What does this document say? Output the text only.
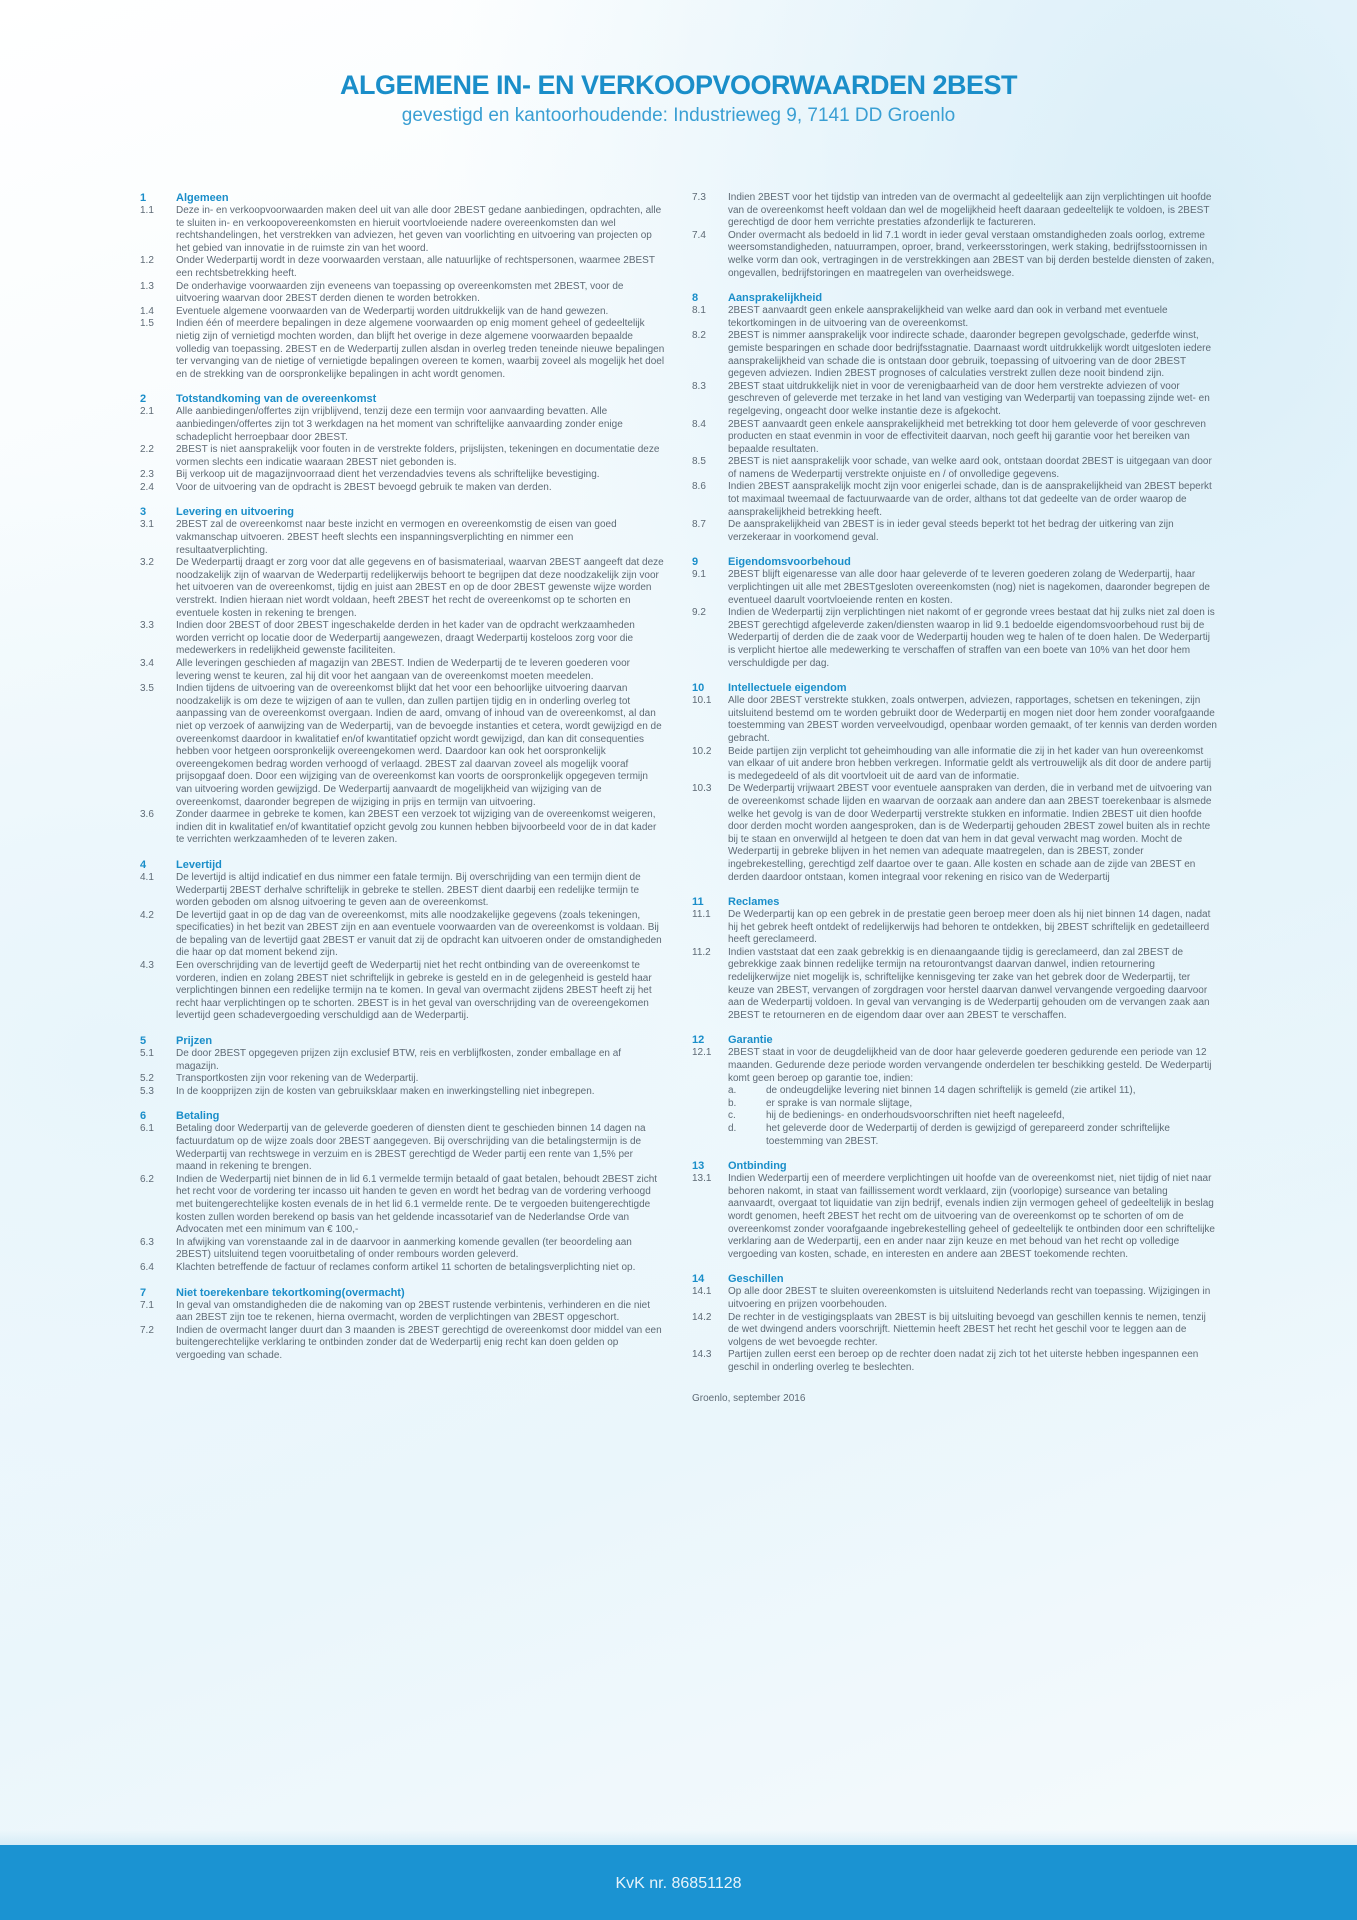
ALGEMENE IN- EN VERKOOPVOORWAARDEN 2BEST

gevestigd en kantoorhoudende: Industrieweg 9, 7141 DD Groenlo

1	Algemeen
1.1	Deze in- en verkoopvoorwaarden maken deel uit van alle door 2BEST gedane aanbiedingen, opdrachten, alle te sluiten in- en verkoopovereenkomsten en hieruit voortvloeiende nadere overeenkomsten dan wel rechtshandelingen, het verstrekken van adviezen, het geven van voorlichting en uitvoering van projecten op het gebied van innovatie in de ruimste zin van het woord.
1.2	Onder Wederpartij wordt in deze voorwaarden verstaan, alle natuurlijke of rechtspersonen, waarmee 2BEST een rechtsbetrekking heeft.
1.3	De onderhavige voorwaarden zijn eveneens van toepassing op overeenkomsten met 2BEST, voor de uitvoering waarvan door 2BEST derden dienen te worden betrokken.
1.4	Eventuele algemene voorwaarden van de Wederpartij worden uitdrukkelijk van de hand gewezen.
1.5	Indien één of meerdere bepalingen in deze algemene voorwaarden op enig moment geheel of gedeeltelijk nietig zijn of vernietigd mochten worden, dan blijft het overige in deze algemene voorwaarden bepaalde volledig van toepassing. 2BEST en de Wederpartij zullen alsdan in overleg treden teneinde nieuwe bepalingen ter vervanging van de nietige of vernietigde bepalingen overeen te komen, waarbij zoveel als mogelijk het doel en de strekking van de oorspronkelijke bepalingen in acht wordt genomen.
2	Totstandkoming van de overeenkomst
2.1	Alle aanbiedingen/offertes zijn vrijblijvend, tenzij deze een termijn voor aanvaarding bevatten. Alle aanbiedingen/offertes zijn tot 3 werkdagen na het moment van schriftelijke aanvaarding zonder enige schadeplicht herroepbaar door 2BEST.
2.2	2BEST is niet aansprakelijk voor fouten in de verstrekte folders, prijslijsten, tekeningen en documentatie deze vormen slechts een indicatie waaraan 2BEST niet gebonden is.
2.3	Bij verkoop uit de magazijnvoorraad dient het verzendadvies tevens als schriftelijke bevestiging.
2.4	Voor de uitvoering van de opdracht is 2BEST bevoegd gebruik te maken van derden.
3	Levering en uitvoering
3.1	2BEST zal de overeenkomst naar beste inzicht en vermogen en overeenkomstig de eisen van goed vakmanschap uitvoeren. 2BEST heeft slechts een inspanningsverplichting en nimmer een resultaatverplichting.
3.2	De Wederpartij draagt er zorg voor dat alle gegevens en of basismateriaal, waarvan 2BEST aangeeft dat deze noodzakelijk zijn of waarvan de Wederpartij redelijkerwijs behoort te begrijpen dat deze noodzakelijk zijn voor het uitvoeren van de overeenkomst, tijdig en juist aan 2BEST en op de door 2BEST gewenste wijze worden verstrekt. Indien hieraan niet wordt voldaan, heeft 2BEST het recht de overeenkomst op te schorten en eventuele kosten in rekening te brengen.
3.3	Indien door 2BEST of door 2BEST ingeschakelde derden in het kader van de opdracht werkzaamheden worden verricht op locatie door de Wederpartij aangewezen, draagt Wederpartij kosteloos zorg voor die medewerkers in redelijkheid gewenste faciliteiten.
3.4	Alle leveringen geschieden af magazijn van 2BEST. Indien de Wederpartij de te leveren goederen voor levering wenst te keuren, zal hij dit voor het aangaan van de overeenkomst moeten meedelen.
3.5	Indien tijdens de uitvoering van de overeenkomst blijkt dat het voor een behoorlijke uitvoering daarvan noodzakelijk is om deze te wijzigen of aan te vullen, dan zullen partijen tijdig en in onderling overleg tot aanpassing van de overeenkomst overgaan. Indien de aard, omvang of inhoud van de overeenkomst, al dan niet op verzoek of aanwijzing van de Wederpartij, van de bevoegde instanties et cetera, wordt gewijzigd en de overeenkomst daardoor in kwalitatief en/of kwantitatief opzicht wordt gewijzigd, dan kan dit consequenties hebben voor hetgeen oorspronkelijk overeengekomen werd. Daardoor kan ook het oorspronkelijk overeengekomen bedrag worden verhoogd of verlaagd. 2BEST zal daarvan zoveel als mogelijk vooraf prijsopgaaf doen. Door een wijziging van de overeenkomst kan voorts de oorspronkelijk opgegeven termijn van uitvoering worden gewijzigd. De Wederpartij aanvaardt de mogelijkheid van wijziging van de overeenkomst, daaronder begrepen de wijziging in prijs en termijn van uitvoering.
3.6	Zonder daarmee in gebreke te komen, kan 2BEST een verzoek tot wijziging van de overeenkomst weigeren, indien dit in kwalitatief en/of kwantitatief opzicht gevolg zou kunnen hebben bijvoorbeeld voor de in dat kader te verrichten werkzaamheden of te leveren zaken.
4	Levertijd
4.1	De levertijd is altijd indicatief en dus nimmer een fatale termijn. Bij overschrijding van een termijn dient de Wederpartij 2BEST derhalve schriftelijk in gebreke te stellen. 2BEST dient daarbij een redelijke termijn te worden geboden om alsnog uitvoering te geven aan de overeenkomst.
4.2	De levertijd gaat in op de dag van de overeenkomst, mits alle noodzakelijke gegevens (zoals tekeningen, specificaties) in het bezit van 2BEST zijn en aan eventuele voorwaarden van de overeenkomst is voldaan. Bij de bepaling van de levertijd gaat 2BEST er vanuit dat zij de opdracht kan uitvoeren onder de omstandigheden die haar op dat moment bekend zijn.
4.3	Een overschrijding van de levertijd geeft de Wederpartij niet het recht ontbinding van de overeenkomst te vorderen, indien en zolang 2BEST niet schriftelijk in gebreke is gesteld en in de gelegenheid is gesteld haar verplichtingen binnen een redelijke termijn na te komen. In geval van overmacht zijdens 2BEST heeft zij het recht haar verplichtingen op te schorten. 2BEST is in het geval van overschrijding van de overeengekomen levertijd geen schadevergoeding verschuldigd aan de Wederpartij.
5	Prijzen
5.1	De door 2BEST opgegeven prijzen zijn exclusief BTW, reis en verblijfkosten, zonder emballage en af magazijn.
5.2	Transportkosten zijn voor rekening van de Wederpartij.
5.3	In de koopprijzen zijn de kosten van gebruiksklaar maken en inwerkingstelling niet inbegrepen.
6	Betaling
6.1	Betaling door Wederpartij van de geleverde goederen of diensten dient te geschieden binnen 14 dagen na factuurdatum op de wijze zoals door 2BEST aangegeven. Bij overschrijding van die betalingstermijn is de Wederpartij van rechtswege in verzuim en is 2BEST gerechtigd de Weder partij een rente van 1,5% per maand in rekening te brengen.
6.2	Indien de Wederpartij niet binnen de in lid 6.1 vermelde termijn betaald of gaat betalen, behoudt 2BEST zicht het recht voor de vordering ter incasso uit handen te geven en wordt het bedrag van de vordering verhoogd met buitengerechtelijke kosten evenals de in het lid 6.1 vermelde rente. De te vergoeden buitengerechtigde kosten zullen worden berekend op basis van het geldende incassotarief van de Nederlandse Orde van Advocaten met een minimum van € 100,-
6.3	In afwijking van vorenstaande zal in de daarvoor in aanmerking komende gevallen (ter beoordeling aan 2BEST) uitsluitend tegen vooruitbetaling of onder rembours worden geleverd.
6.4	Klachten betreffende de factuur of reclames conform artikel 11 schorten de betalingsverplichting niet op.
7	Niet toerekenbare tekortkoming(overmacht)
7.1	In geval van omstandigheden die de nakoming van op 2BEST rustende verbintenis, verhinderen en die niet aan 2BEST zijn toe te rekenen, hierna overmacht, worden de verplichtingen van 2BEST opgeschort.
7.2	Indien de overmacht langer duurt dan 3 maanden is 2BEST gerechtigd de overeenkomst door middel van een buitengerechtelijke verklaring te ontbinden zonder dat de Wederpartij enig recht kan doen gelden op vergoeding van schade.
7.3	Indien 2BEST voor het tijdstip van intreden van de overmacht al gedeeltelijk aan zijn verplichtingen uit hoofde van de overeenkomst heeft voldaan dan wel de mogelijkheid heeft daaraan gedeeltelijk te voldoen, is 2BEST gerechtigd de door hem verrichte prestaties afzonderlijk te factureren.
7.4	Onder overmacht als bedoeld in lid 7.1 wordt in ieder geval verstaan omstandigheden zoals oorlog, extreme weersomstandigheden, natuurrampen, oproer, brand, verkeersstoringen, werk staking, bedrijfsstoornissen in welke vorm dan ook, vertragingen in de verstrekkingen aan 2BEST van bij derden bestelde diensten of zaken, ongevallen, bedrijfstoringen en maatregelen van overheidswege.
8	Aansprakelijkheid
8.1	2BEST aanvaardt geen enkele aansprakelijkheid van welke aard dan ook in verband met eventuele tekortkomingen in de uitvoering van de overeenkomst.
8.2	2BEST is nimmer aansprakelijk voor indirecte schade, daaronder begrepen gevolgschade, gederfde winst, gemiste besparingen en schade door bedrijfsstagnatie. Daarnaast wordt uitdrukkelijk wordt uitgesloten iedere aansprakelijkheid van schade die is ontstaan door gebruik, toepassing of uitvoering van de door 2BEST gegeven adviezen. Indien 2BEST prognoses of calculaties verstrekt zullen deze nooit bindend zijn.
8.3	2BEST staat uitdrukkelijk niet in voor de verenigbaarheid van de door hem verstrekte adviezen of voor geschreven of geleverde met terzake in het land van vestiging van Wederpartij van toepassing zijnde wet- en regelgeving, ongeacht door welke instantie deze is afgekocht.
8.4	2BEST aanvaardt geen enkele aansprakelijkheid met betrekking tot door hem geleverde of voor geschreven producten en staat evenmin in voor de effectiviteit daarvan, noch geeft hij garantie voor het bereiken van bepaalde resultaten.
8.5	2BEST is niet aansprakelijk voor schade, van welke aard ook, ontstaan doordat 2BEST is uitgegaan van door of namens de Wederpartij verstrekte onjuiste en / of onvolledige gegevens.
8.6	Indien 2BEST aansprakelijk mocht zijn voor enigerlei schade, dan is de aansprakelijkheid van 2BEST beperkt tot maximaal tweemaal de factuurwaarde van de order, althans tot dat gedeelte van de order waarop de aansprakelijkheid betrekking heeft.
8.7	De aansprakelijkheid van 2BEST is in ieder geval steeds beperkt tot het bedrag der uitkering van zijn verzekeraar in voorkomend geval.
9	Eigendomsvoorbehoud
9.1	2BEST blijft eigenaresse van alle door haar geleverde of te leveren goederen zolang de Wederpartij, haar verplichtingen uit alle met 2BESTgesloten overeenkomsten (nog) niet is nagekomen, daaronder begrepen de eventueel daarult voortvloeiende renten en kosten.
9.2	Indien de Wederpartij zijn verplichtingen niet nakomt of er gegronde vrees bestaat dat hij zulks niet zal doen is 2BEST gerechtigd afgeleverde zaken/diensten waarop in lid 9.1 bedoelde eigendomsvoorbehoud rust bij de Wederpartij of derden die de zaak voor de Wederpartij houden weg te halen of te doen halen. De Wederpartij is verplicht hiertoe alle medewerking te verschaffen of straffen van een boete van 10% van het door hem verschuldigde per dag.
10	Intellectuele eigendom
10.1	Alle door 2BEST verstrekte stukken, zoals ontwerpen, adviezen, rapportages, schetsen en tekeningen, zijn uitsluitend bestemd om te worden gebruikt door de Wederpartij en mogen niet door hem zonder voorafgaande toestemming van 2BEST worden verveelvoudigd, openbaar worden gemaakt, of ter kennis van derden worden gebracht.
10.2	Beide partijen zijn verplicht tot geheimhouding van alle informatie die zij in het kader van hun overeenkomst van elkaar of uit andere bron hebben verkregen. Informatie geldt als vertrouwelijk als dit door de andere partij is medegedeeld of als dit voortvloeit uit de aard van de informatie.
10.3	De Wederpartij vrijwaart 2BEST voor eventuele aanspraken van derden, die in verband met de uitvoering van de overeenkomst schade lijden en waarvan de oorzaak aan andere dan aan 2BEST toerekenbaar is alsmede welke het gevolg is van de door Wederpartij verstrekte stukken en informatie. Indien 2BEST uit dien hoofde door derden mocht worden aangesproken, dan is de Wederpartij gehouden 2BEST zowel buiten als in rechte bij te staan en onverwijld al hetgeen te doen dat van hem in dat geval verwacht mag worden. Mocht de Wederpartij in gebreke blijven in het nemen van adequate maatregelen, dan is 2BEST, zonder ingebrekestelling, gerechtigd zelf daartoe over te gaan. Alle kosten en schade aan de zijde van 2BEST en derden daardoor ontstaan, komen integraal voor rekening en risico van de Wederpartij
11	Reclames
11.1	De Wederpartij kan op een gebrek in de prestatie geen beroep meer doen als hij niet binnen 14 dagen, nadat hij het gebrek heeft ontdekt of redelijkerwijs had behoren te ontdekken, bij 2BEST schriftelijk en gedetailleerd heeft gereclameerd.
11.2	Indien vaststaat dat een zaak gebrekkig is en dienaangaande tijdig is gereclameerd, dan zal 2BEST de gebrekkige zaak binnen redelijke termijn na retourontvangst daarvan danwel, indien retournering redelijkerwijze niet mogelijk is, schriftelijke kennisgeving ter zake van het gebrek door de Wederpartij, ter keuze van 2BEST, vervangen of zorgdragen voor herstel daarvan danwel vervangende vergoeding daarvoor aan de Wederpartij voldoen. In geval van vervanging is de Wederpartij gehouden om de vervangen zaak aan 2BEST te retourneren en de eigendom daar over aan 2BEST te verschaffen.
12	Garantie
12.1	2BEST staat in voor de deugdelijkheid van de door haar geleverde goederen gedurende een periode van 12 maanden. Gedurende deze periode worden vervangende onderdelen ter beschikking gesteld. De Wederpartij komt geen beroep op garantie toe, indien:
a.	de ondeugdelijke levering niet binnen 14 dagen schriftelijk is gemeld (zie artikel 11),
b.	er sprake is van normale slijtage,
c.	hij de bedienings- en onderhoudsvoorschriften niet heeft nageleefd,
d.	het geleverde door de Wederpartij of derden is gewijzigd of gerepareerd zonder schriftelijke toestemming van 2BEST.
13	Ontbinding
13.1	Indien Wederpartij een of meerdere verplichtingen uit hoofde van de overeenkomst niet, niet tijdig of niet naar behoren nakomt, in staat van faillissement wordt verklaard, zijn (voorlopige) surseance van betaling aanvaardt, overgaat tot liquidatie van zijn bedrijf, evenals indien zijn vermogen geheel of gedeeltelijk in beslag wordt genomen, heeft 2BEST het recht om de uitvoering van de overeenkomst op te schorten of om de overeenkomst zonder voorafgaande ingebrekestelling geheel of gedeeltelijk te ontbinden door een schriftelijke verklaring aan de Wederpartij, een en ander naar zijn keuze en met behoud van het recht op volledige vergoeding van kosten, schade, en interesten en andere aan 2BEST toekomende rechten.
14	Geschillen
14.1	Op alle door 2BEST te sluiten overeenkomsten is uitsluitend Nederlands recht van toepassing. Wijzigingen in uitvoering en prijzen voorbehouden.
14.2	De rechter in de vestigingsplaats van 2BEST is bij uitsluiting bevoegd van geschillen kennis te nemen, tenzij de wet dwingend anders voorschrijft. Niettemin heeft 2BEST het recht het geschil voor te leggen aan de volgens de wet bevoegde rechter.
14.3	Partijen zullen eerst een beroep op de rechter doen nadat zij zich tot het uiterste hebben ingespannen een geschil in onderling overleg te beslechten.
Groenlo, september 2016
KvK nr. 86851128
